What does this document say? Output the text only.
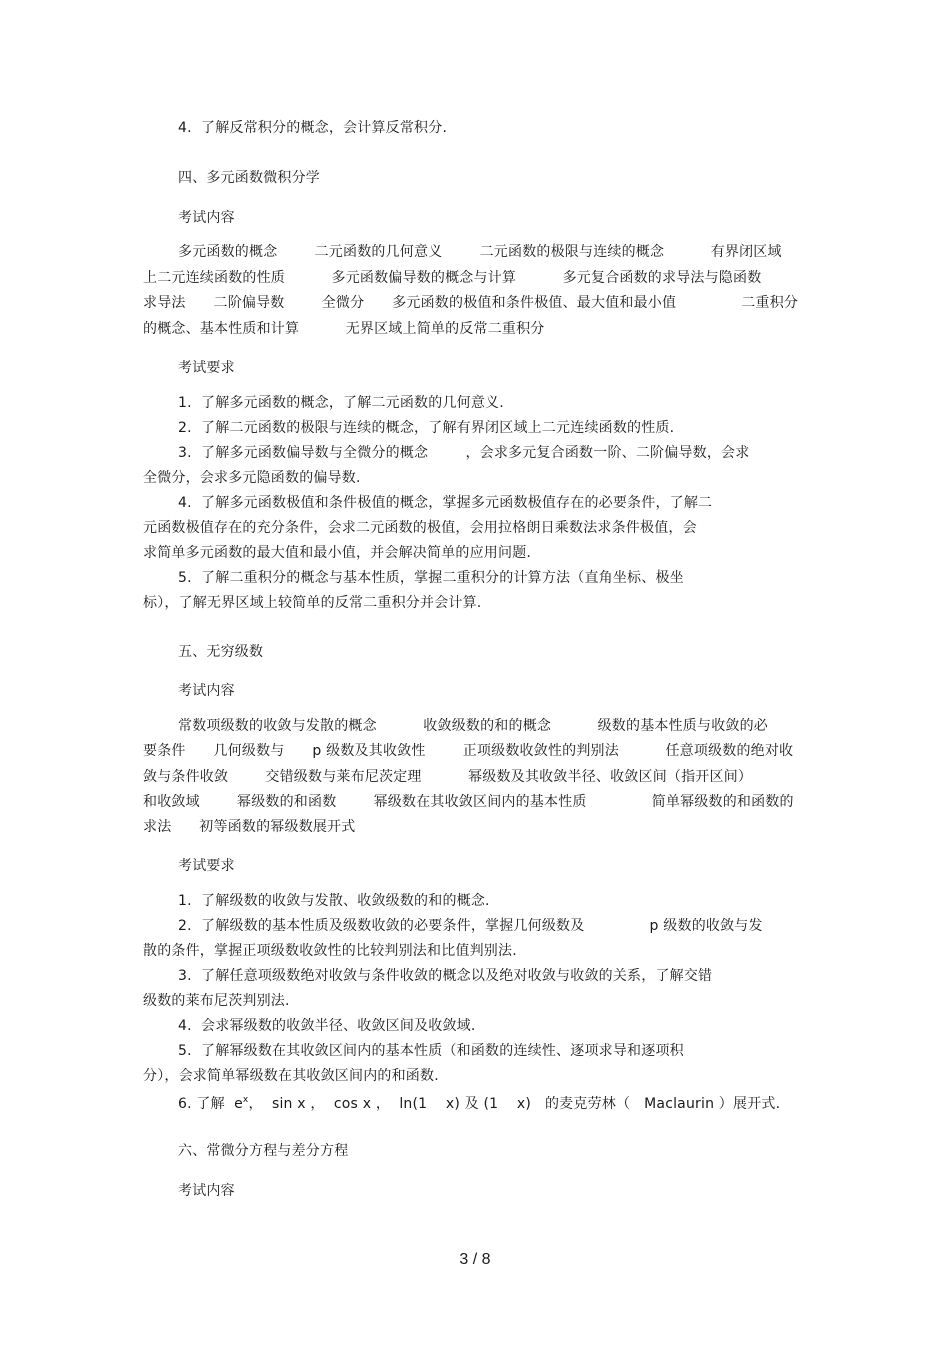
4.  了解反常积分的概念，会计算反常积分.
四、多元函数微积分学
考试内容
多元函数的概念        二元函数的几何意义        二元函数的极限与连续的概念          有界闭区域
上二元连续函数的性质          多元函数偏导数的概念与计算          多元复合函数的求导法与隐函数
求导法      二阶偏导数        全微分      多元函数的极值和条件极值、最大值和最小值              二重积分
的概念、基本性质和计算          无界区域上简单的反常二重积分
考试要求
1.  了解多元函数的概念，了解二元函数的几何意义.
2.  了解二元函数的极限与连续的概念，了解有界闭区域上二元连续函数的性质.
3.  了解多元函数偏导数与全微分的概念        ，会求多元复合函数一阶、二阶偏导数，会求
全微分，会求多元隐函数的偏导数.
4.  了解多元函数极值和条件极值的概念，掌握多元函数极值存在的必要条件，了解二
元函数极值存在的充分条件，会求二元函数的极值，会用拉格朗日乘数法求条件极值，会
求简单多元函数的最大值和最小值，并会解决简单的应用问题.
5.  了解二重积分的概念与基本性质，掌握二重积分的计算方法（直角坐标、极坐
标），了解无界区域上较简单的反常二重积分并会计算.
五、无穷级数
考试内容
常数项级数的收敛与发散的概念          收敛级数的和的概念          级数的基本性质与收敛的必
要条件      几何级数与      p 级数及其收敛性        正项级数收敛性的判别法          任意项级数的绝对收
敛与条件收敛        交错级数与莱布尼茨定理          幂级数及其收敛半径、收敛区间（指开区间）
和收敛域        幂级数的和函数        幂级数在其收敛区间内的基本性质              简单幂级数的和函数的
求法      初等函数的幂级数展开式
考试要求
1.  了解级数的收敛与发散、收敛级数的和的概念.
2.  了解级数的基本性质及级数收敛的必要条件，掌握几何级数及              p 级数的收敛与发
散的条件，掌握正项级数收敛性的比较判别法和比值判别法.
3.  了解任意项级数绝对收敛与条件收敛的概念以及绝对收敛与收敛的关系，了解交错
级数的莱布尼茨判别法.
4.  会求幂级数的收敛半径、收敛区间及收敛域.
5.  了解幂级数在其收敛区间内的基本性质（和函数的连续性、逐项求导和逐项积
分），会求简单幂级数在其收敛区间内的和函数.
6. 了解  $e^x$，  sin x ，  cos x ，  ln(1    x) 及 (1    x)   的麦克劳林（   Maclaurin ）展开式.
六、常微分方程与差分方程
考试内容
3 / 8
